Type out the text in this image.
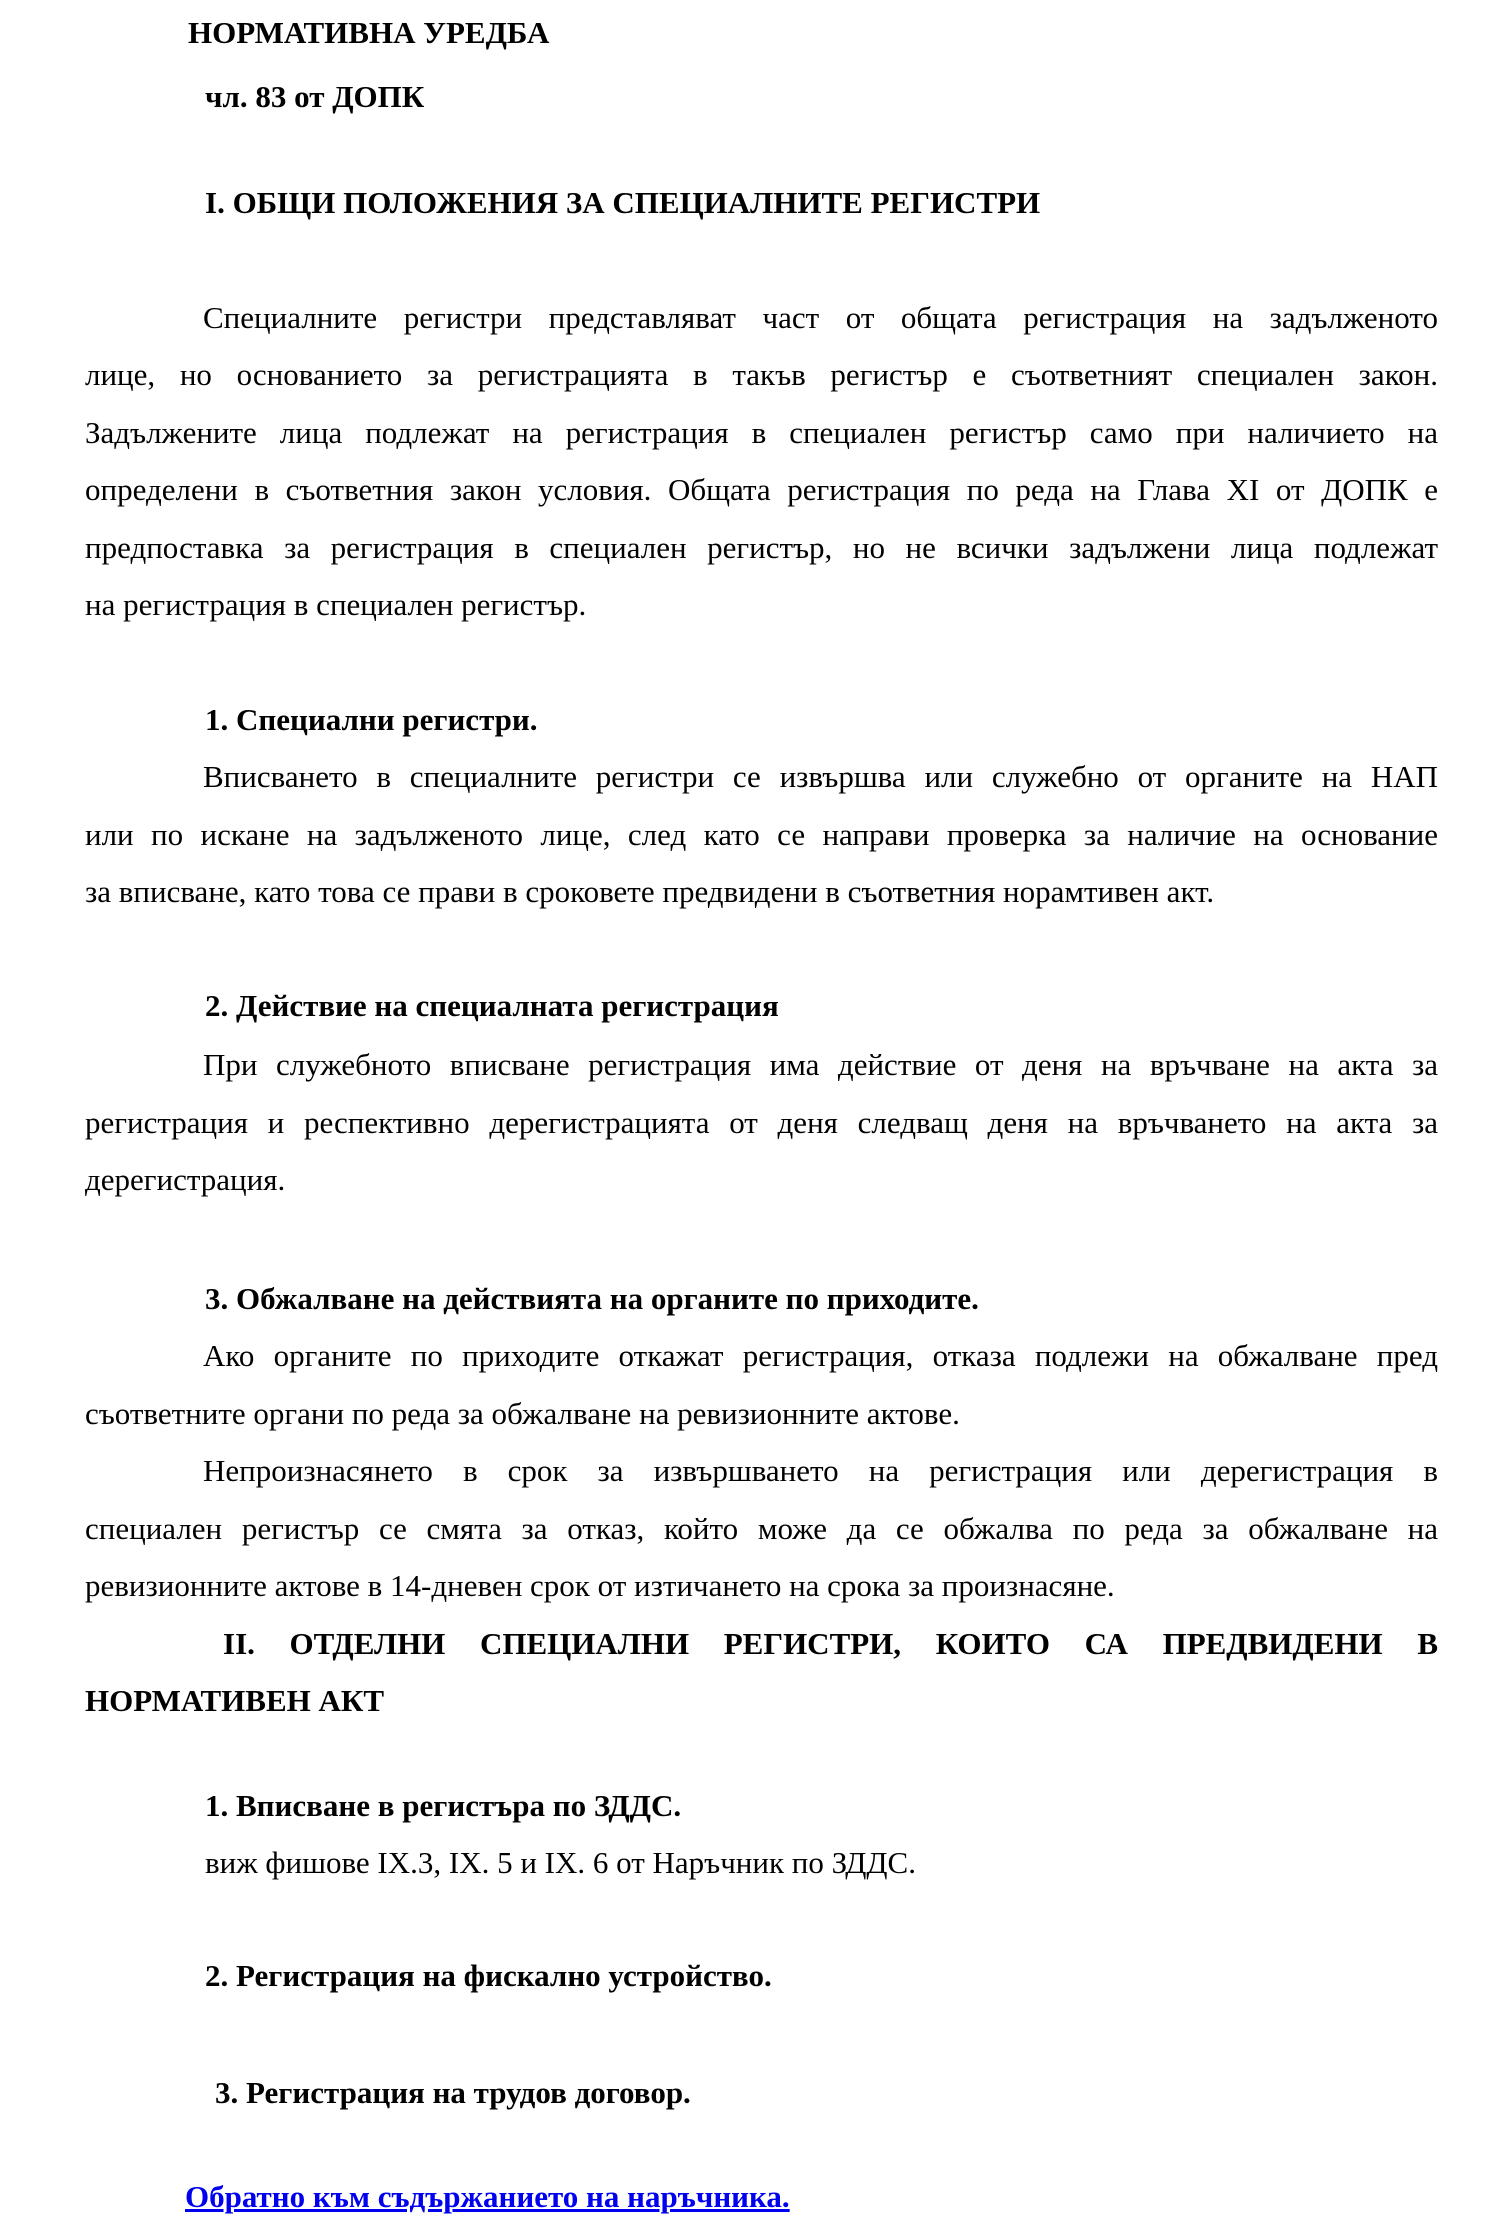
НОРМАТИВНА УРЕДБА

чл. 83 от ДОПК

I. ОБЩИ ПОЛОЖЕНИЯ ЗА СПЕЦИАЛНИТЕ РЕГИСТРИ

Специалните регистри представляват част от общата регистрация на задълженото
лице, но основанието за регистрацията в такъв регистър е съответният специален закон.
Задължените лица подлежат на регистрация в специален регистър само при наличието на
определени в съответния закон условия. Общата регистрация по реда на Глава XI от ДОПК е
предпоставка за регистрация в специален регистър, но не всички задължени лица подлежат
на регистрация в специален регистър.

1. Специални регистри.

Вписването в специалните регистри се извършва или служебно от органите на НАП
или по искане на задълженото лице, след като се направи проверка за наличие на основание
за вписване, като това се прави в сроковете предвидени в съответния норамтивен акт.

2. Действие на специалната регистрация

При служебното вписване регистрация има действие от деня на връчване на акта за
регистрация и респективно дерегистрацията от деня следващ деня на връчването на акта за
дерегистрация.

3. Обжалване на действията на органите по приходите.

Ако органите по приходите откажат регистрация, отказа подлежи на обжалване пред
съответните органи по реда за обжалване на ревизионните актове.
Непроизнасянето в срок за извършването на регистрация или дерегистрация в
специален регистър се смята за отказ, който може да се обжалва по реда за обжалване на
ревизионните актове в 14-дневен срок от изтичането на срока за произнасяне.
II. ОТДЕЛНИ СПЕЦИАЛНИ РЕГИСТРИ, КОИТО СА ПРЕДВИДЕНИ В
НОРМАТИВЕН АКТ

1. Вписване в регистъра по ЗДДС.

виж фишове IX.3, IX. 5 и IX. 6 от Наръчник по ЗДДС.

2. Регистрация на фискално устройство.

3. Регистрация на трудов договор.

Обратно към съдържанието на наръчника.
